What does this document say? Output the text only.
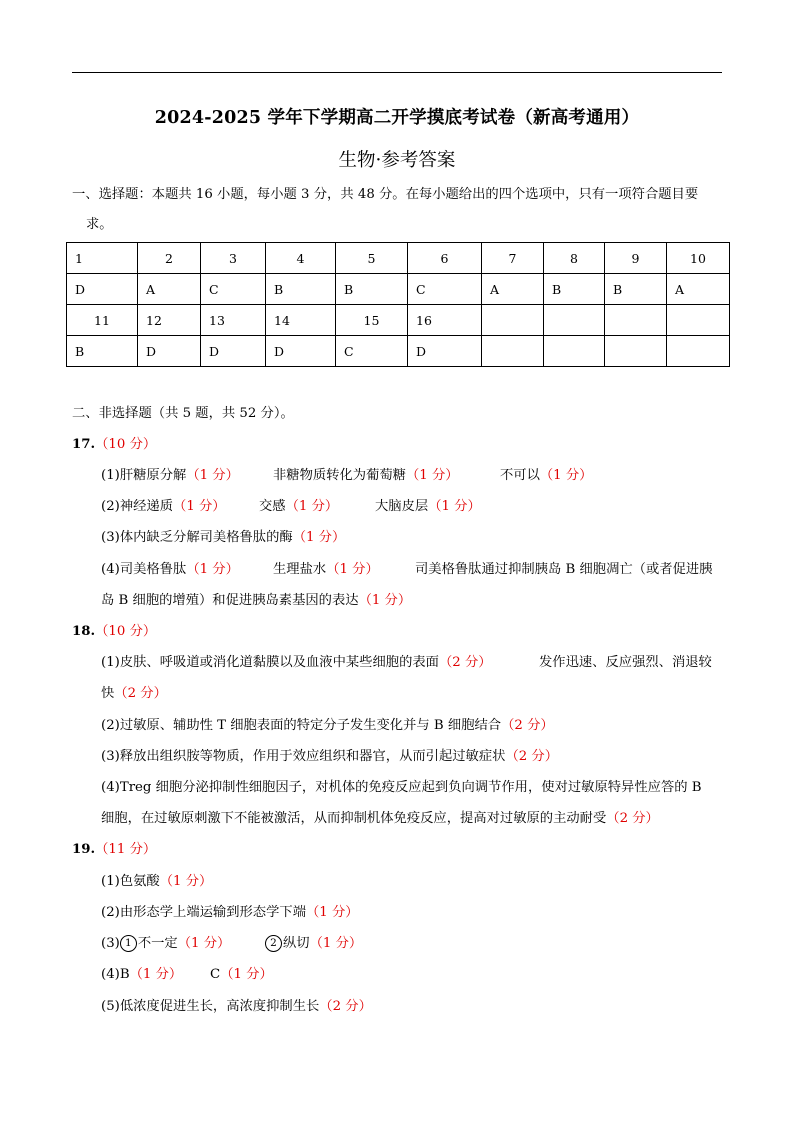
2024-2025 学年下学期高二开学摸底考试卷（新高考通用）
生物·参考答案
一、选择题：本题共 16 小题，每小题 3 分，共 48 分。在每小题给出的四个选项中，只有一项符合题目要
求。
1	2	3	4	5	6	7	8	9	10
D	A	C	B	B	C	A	B	B	A
11	12	13	14	15	16				
B	D	D	D	C	D				
二、非选择题（共 5 题，共 52 分）。
17.（10 分）
(1)肝糖原分解（1 分）	非糖物质转化为葡萄糖（1 分）	不可以（1 分）
(2)神经递质（1 分）	交感（1 分）	大脑皮层（1 分）
(3)体内缺乏分解司美格鲁肽的酶（1 分）
(4)司美格鲁肽（1 分）	生理盐水（1 分）	司美格鲁肽通过抑制胰岛 B 细胞凋亡（或者促进胰
岛 B 细胞的增殖）和促进胰岛素基因的表达（1 分）
18.（10 分）
(1)皮肤、呼吸道或消化道黏膜以及血液中某些细胞的表面（2 分）	发作迅速、反应强烈、消退较
快（2 分）
(2)过敏原、辅助性 T 细胞表面的特定分子发生变化并与 B 细胞结合（2 分）
(3)释放出组织胺等物质，作用于效应组织和器官，从而引起过敏症状（2 分）
(4)Treg 细胞分泌抑制性细胞因子，对机体的免疫反应起到负向调节作用，使对过敏原特异性应答的 B
细胞，在过敏原刺激下不能被激活，从而抑制机体免疫反应，提高对过敏原的主动耐受（2 分）
19.（11 分）
(1)色氨酸（1 分）
(2)由形态学上端运输到形态学下端（1 分）
(3) 1 不一定（1 分）	2 纵切（1 分）
(4)B（1 分） C（1 分）
(5)低浓度促进生长，高浓度抑制生长（2 分）
